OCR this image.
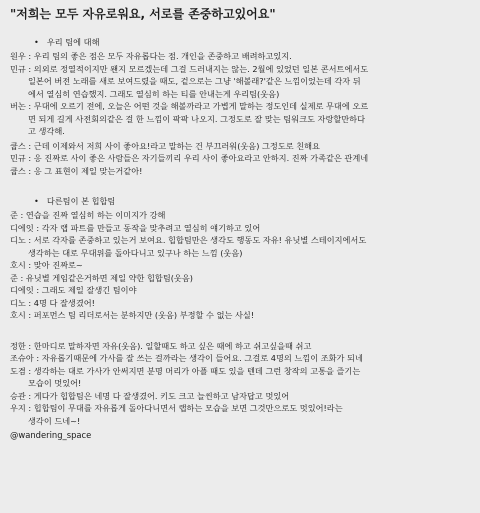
"저희는 모두 자유로워요, 서로를 존중하고있어요"
• 우리 팀에 대해
원우 : 우리 팀의 좋은 점은 모두 자유롭다는 점. 개인을 존중하고 배려하고있지.
민규 : 의외로 정열적이지만 왠지 모르겠는데 그걸 드러내지는 않는. 2월에 있었던 일본 콘서트에서도
일본어 버전 노래를 새로 보여드렸을 때도, 겉으로는 그냥 '해볼래?'같은 느낌이었는데 각자 뒤
에서 열심히 연습했지. 그래도 열심히 하는 티를 안내는게 우리팀(웃음)
버논 : 무대에 오르기 전에, 오늘은 어떤 것을 해볼까라고 가볍게 말하는 정도인데 실제로 무대에 오르
면 되게 길게 사전회의같은 걸 한 느낌이 팍팍 나오지. 그정도로 잘 맞는 팀워크도 자랑할만하다
고 생각해.
쿱스 : 근데 이제와서 저희 사이 좋아요!라고 말하는 건 부끄러워(웃음) 그정도로 친해요
민규 : 응 진짜로 사이 좋은 사람들은 자기들끼리 우리 사이 좋아요라고 안하지. 진짜 가족같은 관계네
쿱스 : 응 그 표현이 제일 맞는거같아!
• 다른팀이 본 힙합팀
준 : 연습을 진짜 열심히 하는 이미지가 강해
디에잇 : 각자 랩 파트를 만들고 동작을 맞추려고 열심히 얘기하고 있어
디노 : 서로 각자를 존중하고 있는거 보여요. 힙합팀만은 생각도 행동도 자유! 유닛별 스테이지에서도
생각하는 대로 무대위를 돌아다니고 있구나 하는 느낌 (웃음)
호시 : 맞아 진짜로~
준 : 유닛별 게임같은거하면 제일 약한 힙합팀(웃음)
디에잇 : 그래도 제일 잘생긴 팀이야
디노 : 4명 다 잘생겼어!
호시 : 퍼포먼스 팀 리더로서는 분하지만 (웃음) 부정할 수 없는 사실!
정한 : 한마디로 말하자면 자유(웃음). 일할때도 하고 싶은 때에 하고 쉬고싶을때 쉬고
조슈아 : 자유롭기때문에 가사를 잘 쓰는 걸까라는 생각이 들어요. 그걸로 4명의 느낌이 조화가 되네
도겸 : 생각하는 대로 가사가 안써지면 분명 머리가 아플 때도 있을 텐데 그런 창작의 고통을 즐기는
모습이 멋있어!
승관 : 게다가 힙합팀은 네명 다 잘생겼어. 키도 크고 늘씬하고 남자답고 멋있어
우지 : 힙합팀이 무대를 자유롭게 돌아다니면서 랩하는 모습을 보면 그것만으로도 멋있어!라는
생각이 드네~!
@wandering_space
